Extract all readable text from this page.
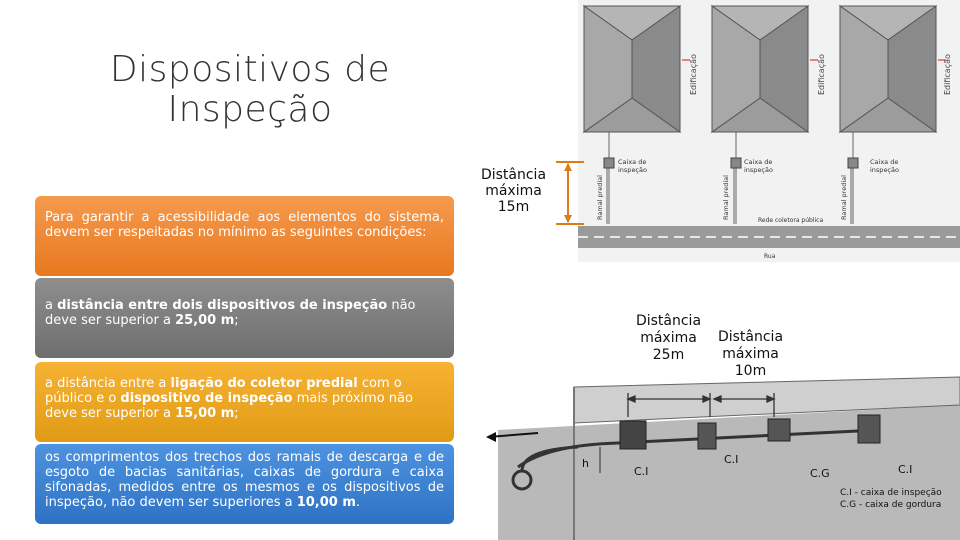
Dispositivos de Inspeção
Para garantir a acessibilidade aos elementos do sistema, devem ser respeitadas no mínimo as seguintes condições:
a distância entre dois dispositivos de inspeção não deve ser superior a 25,00 m;
a distância entre a ligação do coletor predial com o público e o dispositivo de inspeção mais próximo não deve ser superior a 15,00 m;
os comprimentos dos trechos dos ramais de descarga e de esgoto de bacias sanitárias, caixas de gordura e caixa sifonadas, medidos entre os mesmos e os dispositivos de inspeção, não devem ser superiores a 10,00 m.
Edificação	Edificação	Edificação
Caixa de
inspeção
Caixa de
inspeção
Caixa de
inspeção
Ramal predial	Ramal predial	Ramal predial
Rede coletora pública
Rua
Distância
máxima
15m
Distância
máxima
25m
Distância
máxima
10m
h
C.I
C.I
C.G	C.I
C.I - caixa de inspeção
C.G - caixa de gordura
